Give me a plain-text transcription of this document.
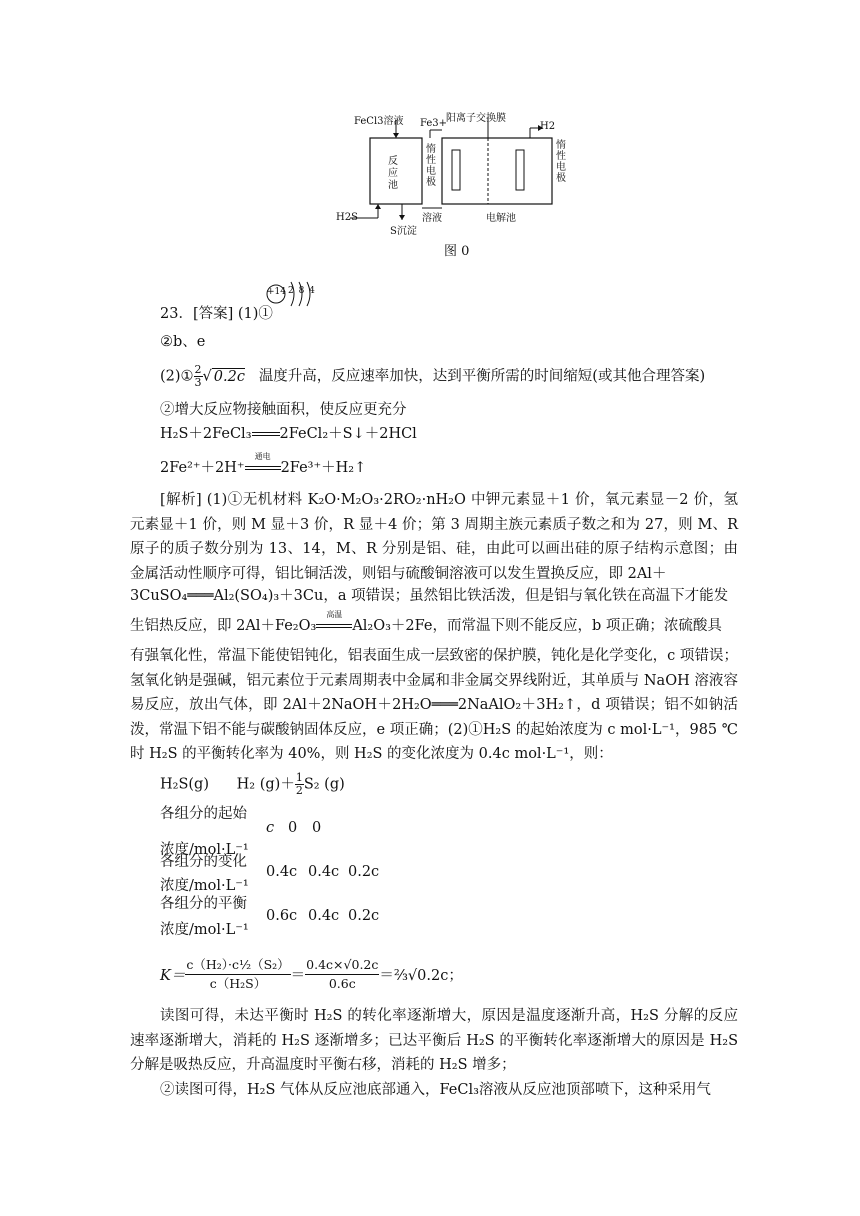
FeCl3溶液 Fe3+
阳离子交换膜
H2
反应池
惰性电极
惰性电极
H2S	溶液	电解池
S沉淀
图 0
23．[答案] (1)①
+14 2 8 4
②b、e
(2)① $\frac{2}{3}$ √ 0.2c 温度升高，反应速率加快，达到平衡所需的时间缩短(或其他合理答案)
②增大反应物接触面积，使反应更充分
H₂S＋2FeCl₃ 2FeCl₂＋S↓＋2HCl
2Fe²⁺＋2H⁺
通电
2Fe³⁺＋H₂↑
[解析] (1)①无机材料 K₂O·M₂O₃·2RO₂·nH₂O 中钾元素显＋1 价，氧元素显－2 价，氢元素显＋1 价，则 M 显＋3 价，R 显＋4 价；第 3 周期主族元素质子数之和为 27，则 M、R 原子的质子数分别为 13、14，M、R 分别是铝、硅，由此可以画出硅的原子结构示意图；由金属活动性顺序可得，铝比铜活泼，则铝与硫酸铜溶液可以发生置换反应，即 2Al＋
3CuSO₄═══Al₂(SO₄)₃＋3Cu，a 项错误；虽然铝比铁活泼，但是铝与氧化铁在高温下才能发
生铝热反应，即 2Al＋Fe₂O₃
高温
Al₂O₃＋2Fe，而常温下则不能反应，b 项正确；浓硫酸具
有强氧化性，常温下能使铝钝化，铝表面生成一层致密的保护膜，钝化是化学变化，c 项错误；氢氧化钠是强碱，铝元素位于元素周期表中金属和非金属交界线附近，其单质与 NaOH 溶液容易反应，放出气体，即 2Al＋2NaOH＋2H₂O═══2NaAlO₂＋3H₂↑，d 项错误；铝不如钠活泼，常温下铝不能与碳酸钠固体反应，e 项正确；(2)①H₂S 的起始浓度为 c mol·L⁻¹，985 ℃时 H₂S 的平衡转化率为 40%，则 H₂S 的变化浓度为 0.4c mol·L⁻¹，则：
H₂S(g) H₂ $(g)+ \frac{1}{2} S_2$ (g)
各组分的起始
浓度/mol·L⁻¹
c 0 0
各组分的变化
浓度/mol·L⁻¹
0.4c 0.4c 0.2c
各组分的平衡
浓度/mol·L⁻¹
0.6c 0.4c 0.2c
$K= \frac{\text{c（H₂）·c½（S₂）}}{\text{c（H₂S）}} = \frac{0.4c\times√0.2c}{0.6c}$ ＝⅔√0.2c；
读图可得，未达平衡时 H₂S 的转化率逐渐增大，原因是温度逐渐升高，H₂S 分解的反应速率逐渐增大，消耗的 H₂S 逐渐增多；已达平衡后 H₂S 的平衡转化率逐渐增大的原因是 H₂S 分解是吸热反应，升高温度时平衡右移，消耗的 H₂S 增多；
②读图可得，H₂S 气体从反应池底部通入，FeCl₃溶液从反应池顶部喷下，这种采用气
